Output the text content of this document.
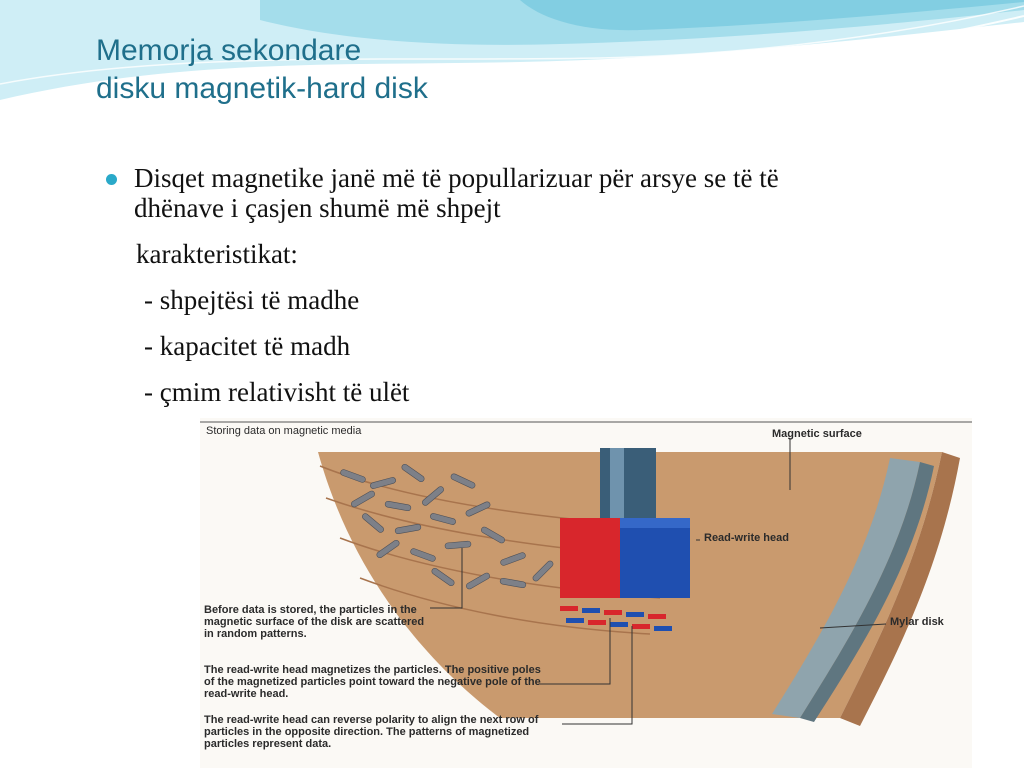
Memorja sekondare
disku magnetik-hard disk
Disqet magnetike janë më të popullarizuar për arsye se të të
dhënave i çasjen shumë më shpejt
karakteristikat:
- shpejtësi të madhe
- kapacitet të madh
- çmim relativisht të ulët
Storing data on magnetic media	Magnetic surface
Read-write head
Mylar disk
Before data is stored, the particles in the magnetic surface of the disk are scattered in random patterns.
The read-write head magnetizes the particles. The positive poles of the magnetized particles point toward the negative pole of the read-write head.
The read-write head can reverse polarity to align the next row of particles in the opposite direction. The patterns of magnetized particles represent data.
